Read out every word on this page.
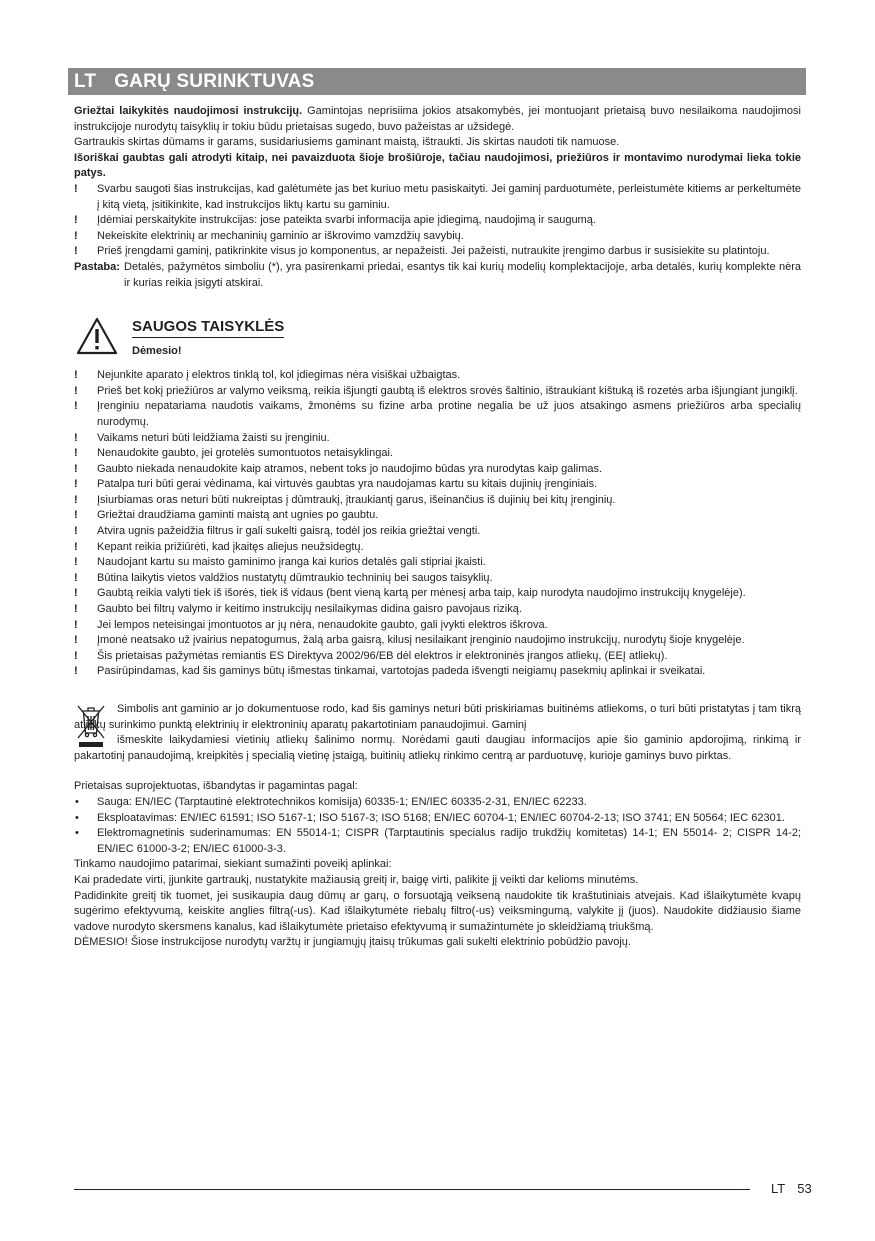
LT GARŲ SURINKTUVAS

Griežtai laikykitės naudojimosi instrukcijų. Gamintojas neprisiima jokios atsakomybės, jei montuojant prietaisą buvo nesilaikoma naudojimosi instrukcijoje nurodytų taisyklių ir tokiu būdu prietaisas sugedo, buvo pažeistas ar užsidegė.

Gartraukis skirtas dūmams ir garams, susidariusiems gaminant maistą, ištraukti. Jis skirtas naudoti tik namuose.

Išoriškai gaubtas gali atrodyti kitaip, nei pavaizduota šioje brošiūroje, tačiau naudojimosi, priežiūros ir montavimo nurodymai lieka tokie patys.

! Svarbu saugoti šias instrukcijas, kad galėtumėte jas bet kuriuo metu pasiskaityti. Jei gaminį parduotumėte, perleistumėte kitiems ar perkeltumėte į kitą vietą, įsitikinkite, kad instrukcijos liktų kartu su gaminiu.
! Įdėmiai perskaitykite instrukcijas: jose pateikta svarbi informacija apie įdiegimą, naudojimą ir saugumą.
! Nekeiskite elektrinių ar mechaninių gaminio ar iškrovimo vamzdžių savybių.
! Prieš įrengdami gaminį, patikrinkite visus jo komponentus, ar nepažeisti. Jei pažeisti, nutraukite įrengimo darbus ir susisiekite su platintoju.
Pastaba: Detalės, pažymėtos simboliu (*), yra pasirenkami priedai, esantys tik kai kurių modelių komplektacijoje, arba detalės, kurių komplekte nėra ir kurias reikia įsigyti atskirai.
SAUGOS TAISYKLĖS
Dėmesio!
! Nejunkite aparato į elektros tinklą tol, kol įdiegimas nėra visiškai užbaigtas.
! Prieš bet kokį priežiūros ar valymo veiksmą, reikia išjungti gaubtą iš elektros srovės šaltinio, ištraukiant kištuką iš rozetės arba išjungiant jungiklį.
! Įrenginiu nepatariama naudotis vaikams, žmonėms su fizine arba protine negalia be už juos atsakingo asmens priežiūros arba specialių nurodymų.
! Vaikams neturi būti leidžiama žaisti su įrenginiu.
! Nenaudokite gaubto, jei grotelės sumontuotos netaisyklingai.
! Gaubto niekada nenaudokite kaip atramos, nebent toks jo naudojimo būdas yra nurodytas kaip galimas.
! Patalpa turi būti gerai vėdinama, kai virtuvės gaubtas yra naudojamas kartu su kitais dujinių įrenginiais.
! Įsiurbiamas oras neturi būti nukreiptas į dūmtraukį, įtraukiantį garus, išeinančius iš dujinių bei kitų įrenginių.
! Griežtai draudžiama gaminti maistą ant ugnies po gaubtu.
! Atvira ugnis pažeidžia filtrus ir gali sukelti gaisrą, todėl jos reikia griežtai vengti.
! Kepant reikia prižiūrėti, kad įkaitęs aliejus neužsidegtų.
! Naudojant kartu su maisto gaminimo įranga kai kurios detalės gali stipriai įkaisti.
! Būtina laikytis vietos valdžios nustatytų dūmtraukio techninių bei saugos taisyklių.
! Gaubtą reikia valyti tiek iš išorės, tiek iš vidaus (bent vieną kartą per mėnesį arba taip, kaip nurodyta naudojimo instrukcijų knygelėje).
! Gaubto bei filtrų valymo ir keitimo instrukcijų nesilaikymas didina gaisro pavojaus riziką.
! Jei lempos neteisingai įmontuotos ar jų nėra, nenaudokite gaubto, gali įvykti elektros iškrova.
! Įmonė neatsako už įvairius nepatogumus, žalą arba gaisrą, kilusį nesilaikant įrenginio naudojimo instrukcijų, nurodytų šioje knygelėje.
! Šis prietaisas pažymėtas remiantis ES Direktyva 2002/96/EB dėl elektros ir elektroninės įrangos atliekų, (EEĮ atliekų).
! Pasirūpindamas, kad šis gaminys būtų išmestas tinkamai, vartotojas padeda išvengti neigiamų pasekmių aplinkai ir sveikatai.

Simbolis ant gaminio ar jo dokumentuose rodo, kad šis gaminys neturi būti priskiriamas buitinėms atliekoms, o turi būti pristatytas į tam tikrą atliekų surinkimo punktą elektrinių ir elektroninių aparatų pakartotiniam panaudojimui. Gaminį
išmeskite laikydamiesi vietinių atliekų šalinimo normų. Norėdami gauti daugiau informacijos apie šio gaminio apdorojimą, rinkimą ir pakartotinį panaudojimą, kreipkitės į specialią vietinę įstaigą, buitinių atliekų rinkimo centrą ar parduotuvę, kurioje gaminys buvo pirktas.

Prietaisas suprojektuotas, išbandytas ir pagamintas pagal:

• Sauga: EN/IEC (Tarptautinė elektrotechnikos komisija) 60335-1; EN/IEC 60335-2-31, EN/IEC 62233.
• Eksploatavimas: EN/IEC 61591; ISO 5167-1; ISO 5167-3; ISO 5168; EN/IEC 60704-1; EN/IEC 60704-2-13; ISO 3741; EN 50564; IEC 62301.
• Elektromagnetinis suderinamumas: EN 55014-1; CISPR (Tarptautinis specialus radijo trukdžių komitetas) 14-1; EN 55014- 2; CISPR 14-2; EN/IEC 61000-3-2; EN/IEC 61000-3-3.

Tinkamo naudojimo patarimai, siekiant sumažinti poveikį aplinkai:

Kai pradedate virti, įjunkite gartraukį, nustatykite mažiausią greitį ir, baigę virti, palikite jį veikti dar kelioms minutėms.

Padidinkite greitį tik tuomet, jei susikaupia daug dūmų ar garų, o forsuotąją veikseną naudokite tik kraštutiniais atvejais. Kad išlaikytumėte kvapų sugėrimo efektyvumą, keiskite anglies filtrą(-us). Kad išlaikytumėte riebalų filtro(-us) veiksmingumą, valykite jį (juos). Naudokite didžiausio šiame vadove nurodyto skersmens kanalus, kad išlaikytumėte prietaiso efektyvumą ir sumažintumėte jo skleidžiamą triukšmą.

DĖMESIO! Šiose instrukcijose nurodytų varžtų ir jungiamųjų įtaisų trūkumas gali sukelti elektrinio pobūdžio pavojų.

LT 53
